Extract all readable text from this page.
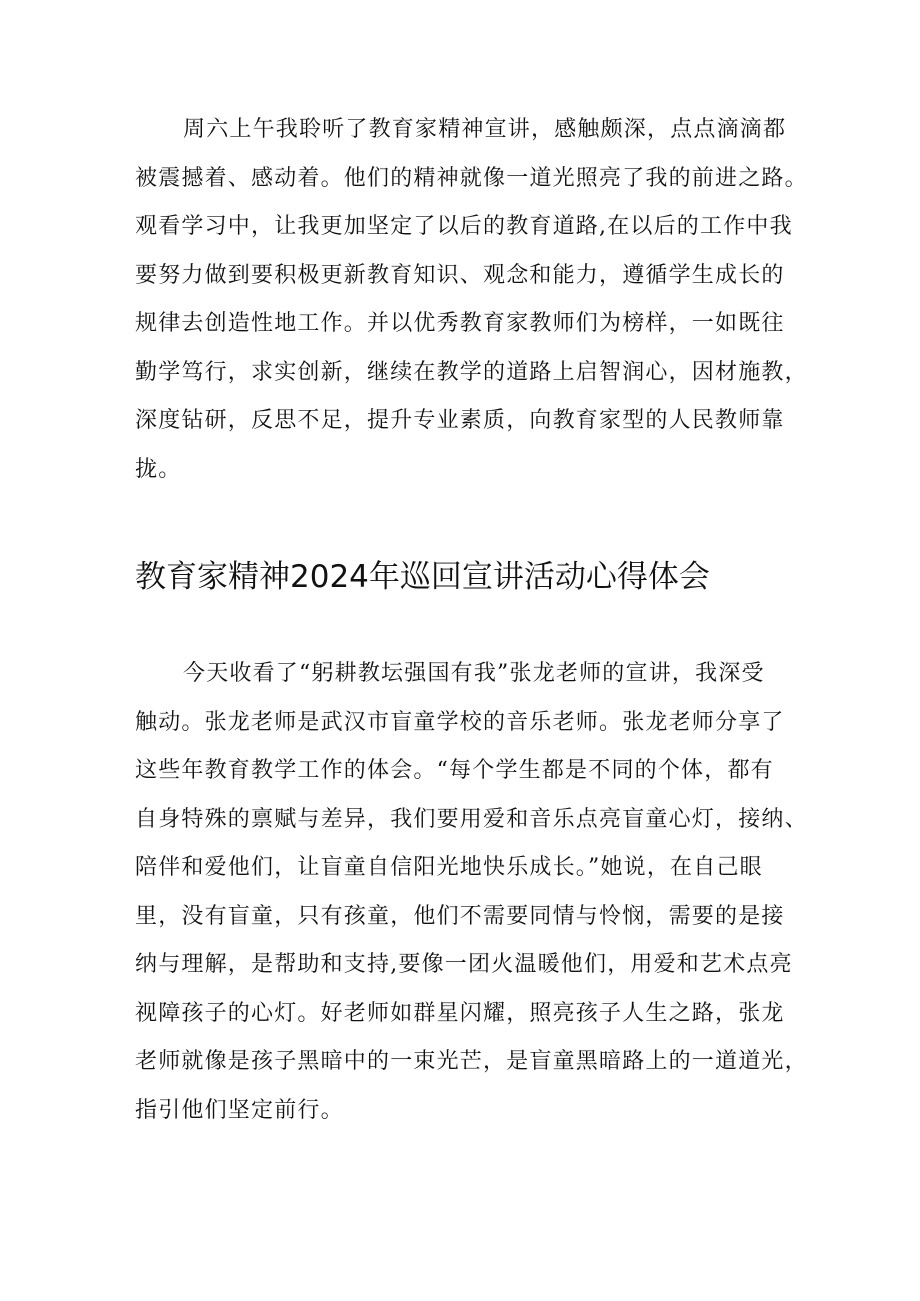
周六上午我聆听了教育家精神宣讲，感触颇深，点点滴滴都
被震撼着、感动着。他们的精神就像一道光照亮了我的前进之路。
观看学习中，让我更加坚定了以后的教育道路,在以后的工作中我
要努力做到要积极更新教育知识、观念和能力，遵循学生成长的
规律去创造性地工作。并以优秀教育家教师们为榜样，一如既往
勤学笃行，求实创新，继续在教学的道路上启智润心，因材施教，
深度钻研，反思不足，提升专业素质，向教育家型的人民教师靠
拢。
教育家精神2024年巡回宣讲活动心得体会
今天收看了“躬耕教坛强国有我”张龙老师的宣讲，我深受
触动。张龙老师是武汉市盲童学校的音乐老师。张龙老师分享了
这些年教育教学工作的体会。“每个学生都是不同的个体，都有
自身特殊的禀赋与差异，我们要用爱和音乐点亮盲童心灯，接纳、
陪伴和爱他们，让盲童自信阳光地快乐成长。”她说，在自己眼
里，没有盲童，只有孩童，他们不需要同情与怜悯，需要的是接
纳与理解，是帮助和支持,要像一团火温暖他们，用爱和艺术点亮
视障孩子的心灯。好老师如群星闪耀，照亮孩子人生之路，张龙
老师就像是孩子黑暗中的一束光芒，是盲童黑暗路上的一道道光，
指引他们坚定前行。
